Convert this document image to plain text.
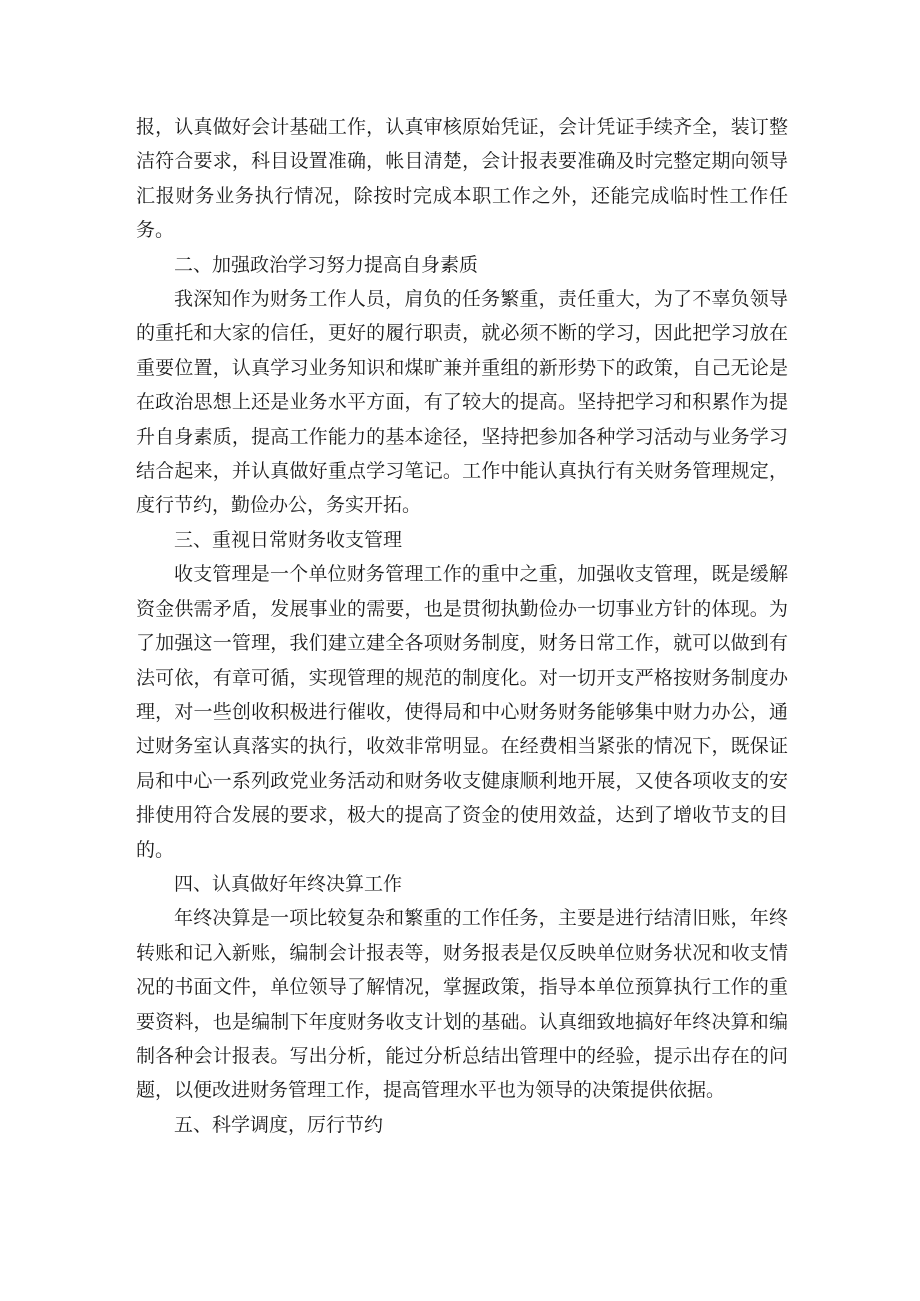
报，认真做好会计基础工作，认真审核原始凭证，会计凭证手续齐全，装订整洁符合要求，科目设置准确，帐目清楚，会计报表要准确及时完整定期向领导汇报财务业务执行情况，除按时完成本职工作之外，还能完成临时性工作任务。

二、加强政治学习努力提高自身素质

我深知作为财务工作人员，肩负的任务繁重，责任重大，为了不辜负领导的重托和大家的信任，更好的履行职责，就必须不断的学习，因此把学习放在重要位置，认真学习业务知识和煤旷兼并重组的新形势下的政策，自己无论是在政治思想上还是业务水平方面，有了较大的提高。坚持把学习和积累作为提升自身素质，提高工作能力的基本途径，坚持把参加各种学习活动与业务学习结合起来，并认真做好重点学习笔记。工作中能认真执行有关财务管理规定，度行节约，勤俭办公，务实开拓。

三、重视日常财务收支管理

收支管理是一个单位财务管理工作的重中之重，加强收支管理，既是缓解资金供需矛盾，发展事业的需要，也是贯彻执勤俭办一切事业方针的体现。为了加强这一管理，我们建立建全各项财务制度，财务日常工作，就可以做到有法可依，有章可循，实现管理的规范的制度化。对一切开支严格按财务制度办理，对一些创收积极进行催收，使得局和中心财务财务能够集中财力办公，通过财务室认真落实的执行，收效非常明显。在经费相当紧张的情况下，既保证局和中心一系列政党业务活动和财务收支健康顺利地开展，又使各项收支的安排使用符合发展的要求，极大的提高了资金的使用效益，达到了增收节支的目的。

四、认真做好年终决算工作

年终决算是一项比较复杂和繁重的工作任务，主要是进行结清旧账，年终转账和记入新账，编制会计报表等，财务报表是仅反映单位财务状况和收支情况的书面文件，单位领导了解情况，掌握政策，指导本单位预算执行工作的重要资料，也是编制下年度财务收支计划的基础。认真细致地搞好年终决算和编制各种会计报表。写出分析，能过分析总结出管理中的经验，提示出存在的问题，以便改进财务管理工作，提高管理水平也为领导的决策提供依据。

五、科学调度，厉行节约
